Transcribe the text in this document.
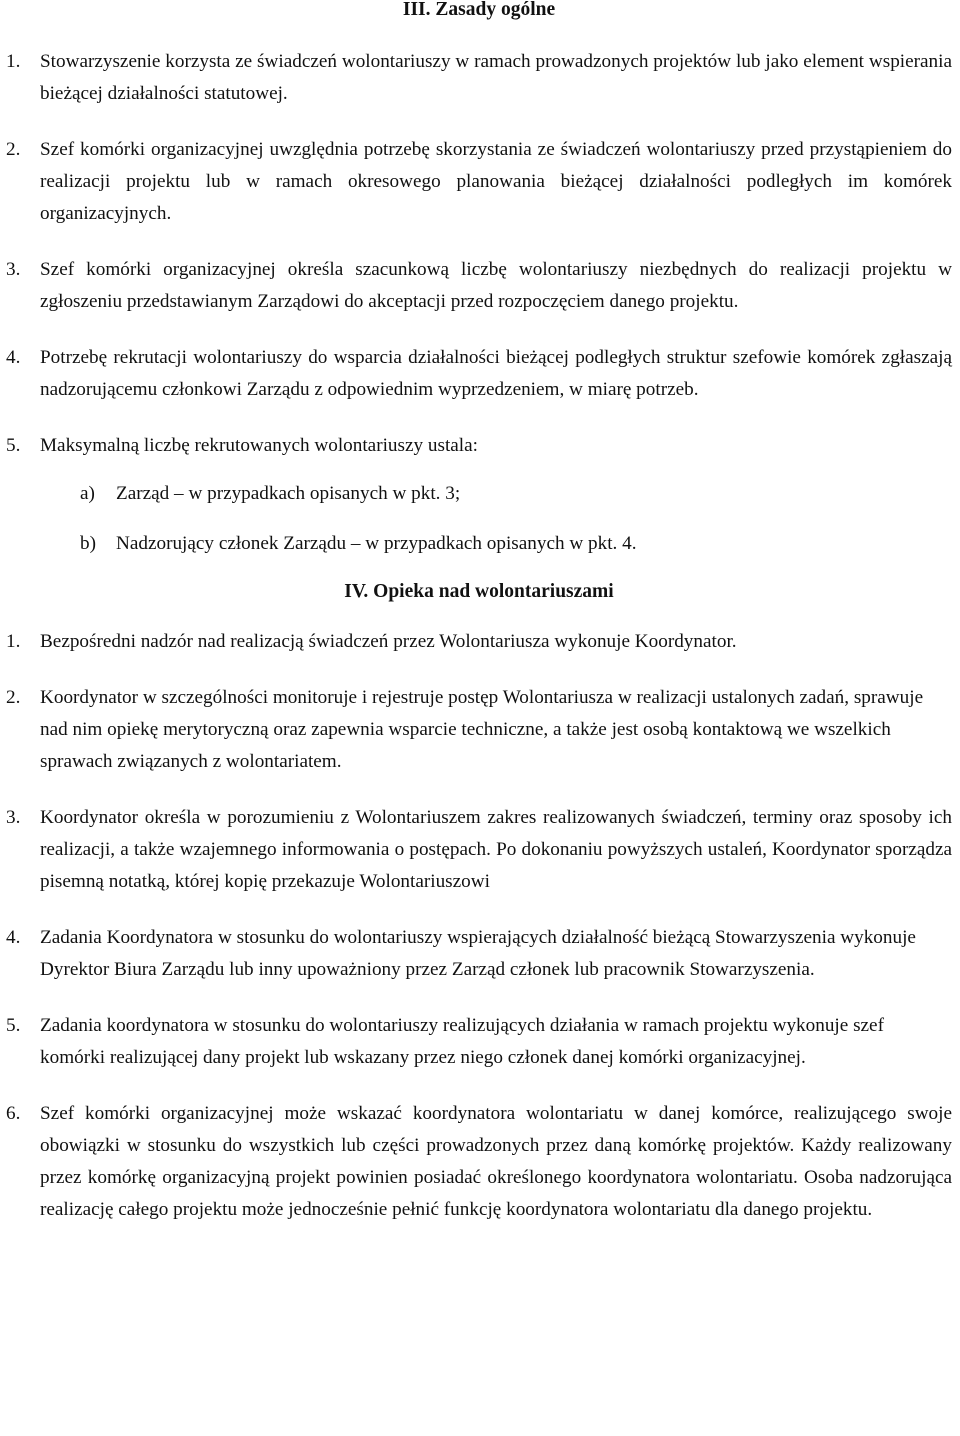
III. Zasady ogólne
1.	Stowarzyszenie korzysta ze świadczeń wolontariuszy w ramach prowadzonych projektów lub jako element wspierania bieżącej działalności statutowej.
2.	Szef komórki organizacyjnej uwzględnia potrzebę skorzystania ze świadczeń wolontariuszy przed przystąpieniem do realizacji projektu lub w ramach okresowego planowania bieżącej działalności podległych im komórek organizacyjnych.
3.	Szef komórki organizacyjnej określa szacunkową liczbę wolontariuszy niezbędnych do realizacji projektu w zgłoszeniu przedstawianym Zarządowi do akceptacji przed rozpoczęciem danego projektu.
4.	Potrzebę rekrutacji wolontariuszy do wsparcia działalności bieżącej podległych struktur szefowie komórek zgłaszają nadzorującemu członkowi Zarządu z odpowiednim wyprzedzeniem, w miarę potrzeb.
5.	Maksymalną liczbę rekrutowanych wolontariuszy ustala:
a)	Zarząd – w przypadkach opisanych w pkt. 3;
b)	Nadzorujący członek Zarządu – w przypadkach opisanych w pkt. 4.
IV. Opieka nad wolontariuszami
1.	Bezpośredni nadzór nad realizacją świadczeń przez Wolontariusza wykonuje Koordynator.
2.	Koordynator w szczególności monitoruje i rejestruje postęp Wolontariusza w realizacji ustalonych zadań, sprawuje nad nim opiekę merytoryczną oraz zapewnia wsparcie techniczne, a także jest osobą kontaktową we wszelkich sprawach związanych z wolontariatem.
3.	Koordynator określa w porozumieniu z Wolontariuszem zakres realizowanych świadczeń, terminy oraz sposoby ich realizacji, a także wzajemnego informowania o postępach. Po dokonaniu powyższych ustaleń, Koordynator sporządza pisemną notatką, której kopię przekazuje Wolontariuszowi
4.	Zadania Koordynatora w stosunku do wolontariuszy wspierających działalność bieżącą Stowarzyszenia wykonuje Dyrektor Biura Zarządu lub inny upoważniony przez Zarząd członek lub pracownik Stowarzyszenia.
5.	Zadania koordynatora w stosunku do wolontariuszy realizujących działania w ramach projektu wykonuje szef komórki realizującej dany projekt lub wskazany przez niego członek danej komórki organizacyjnej.
6.	Szef komórki organizacyjnej może wskazać koordynatora wolontariatu w danej komórce, realizującego swoje obowiązki w stosunku do wszystkich lub części prowadzonych przez daną komórkę projektów. Każdy realizowany przez komórkę organizacyjną projekt powinien posiadać określonego koordynatora wolontariatu. Osoba nadzorująca realizację całego projektu może jednocześnie pełnić funkcję koordynatora wolontariatu dla danego projektu.
